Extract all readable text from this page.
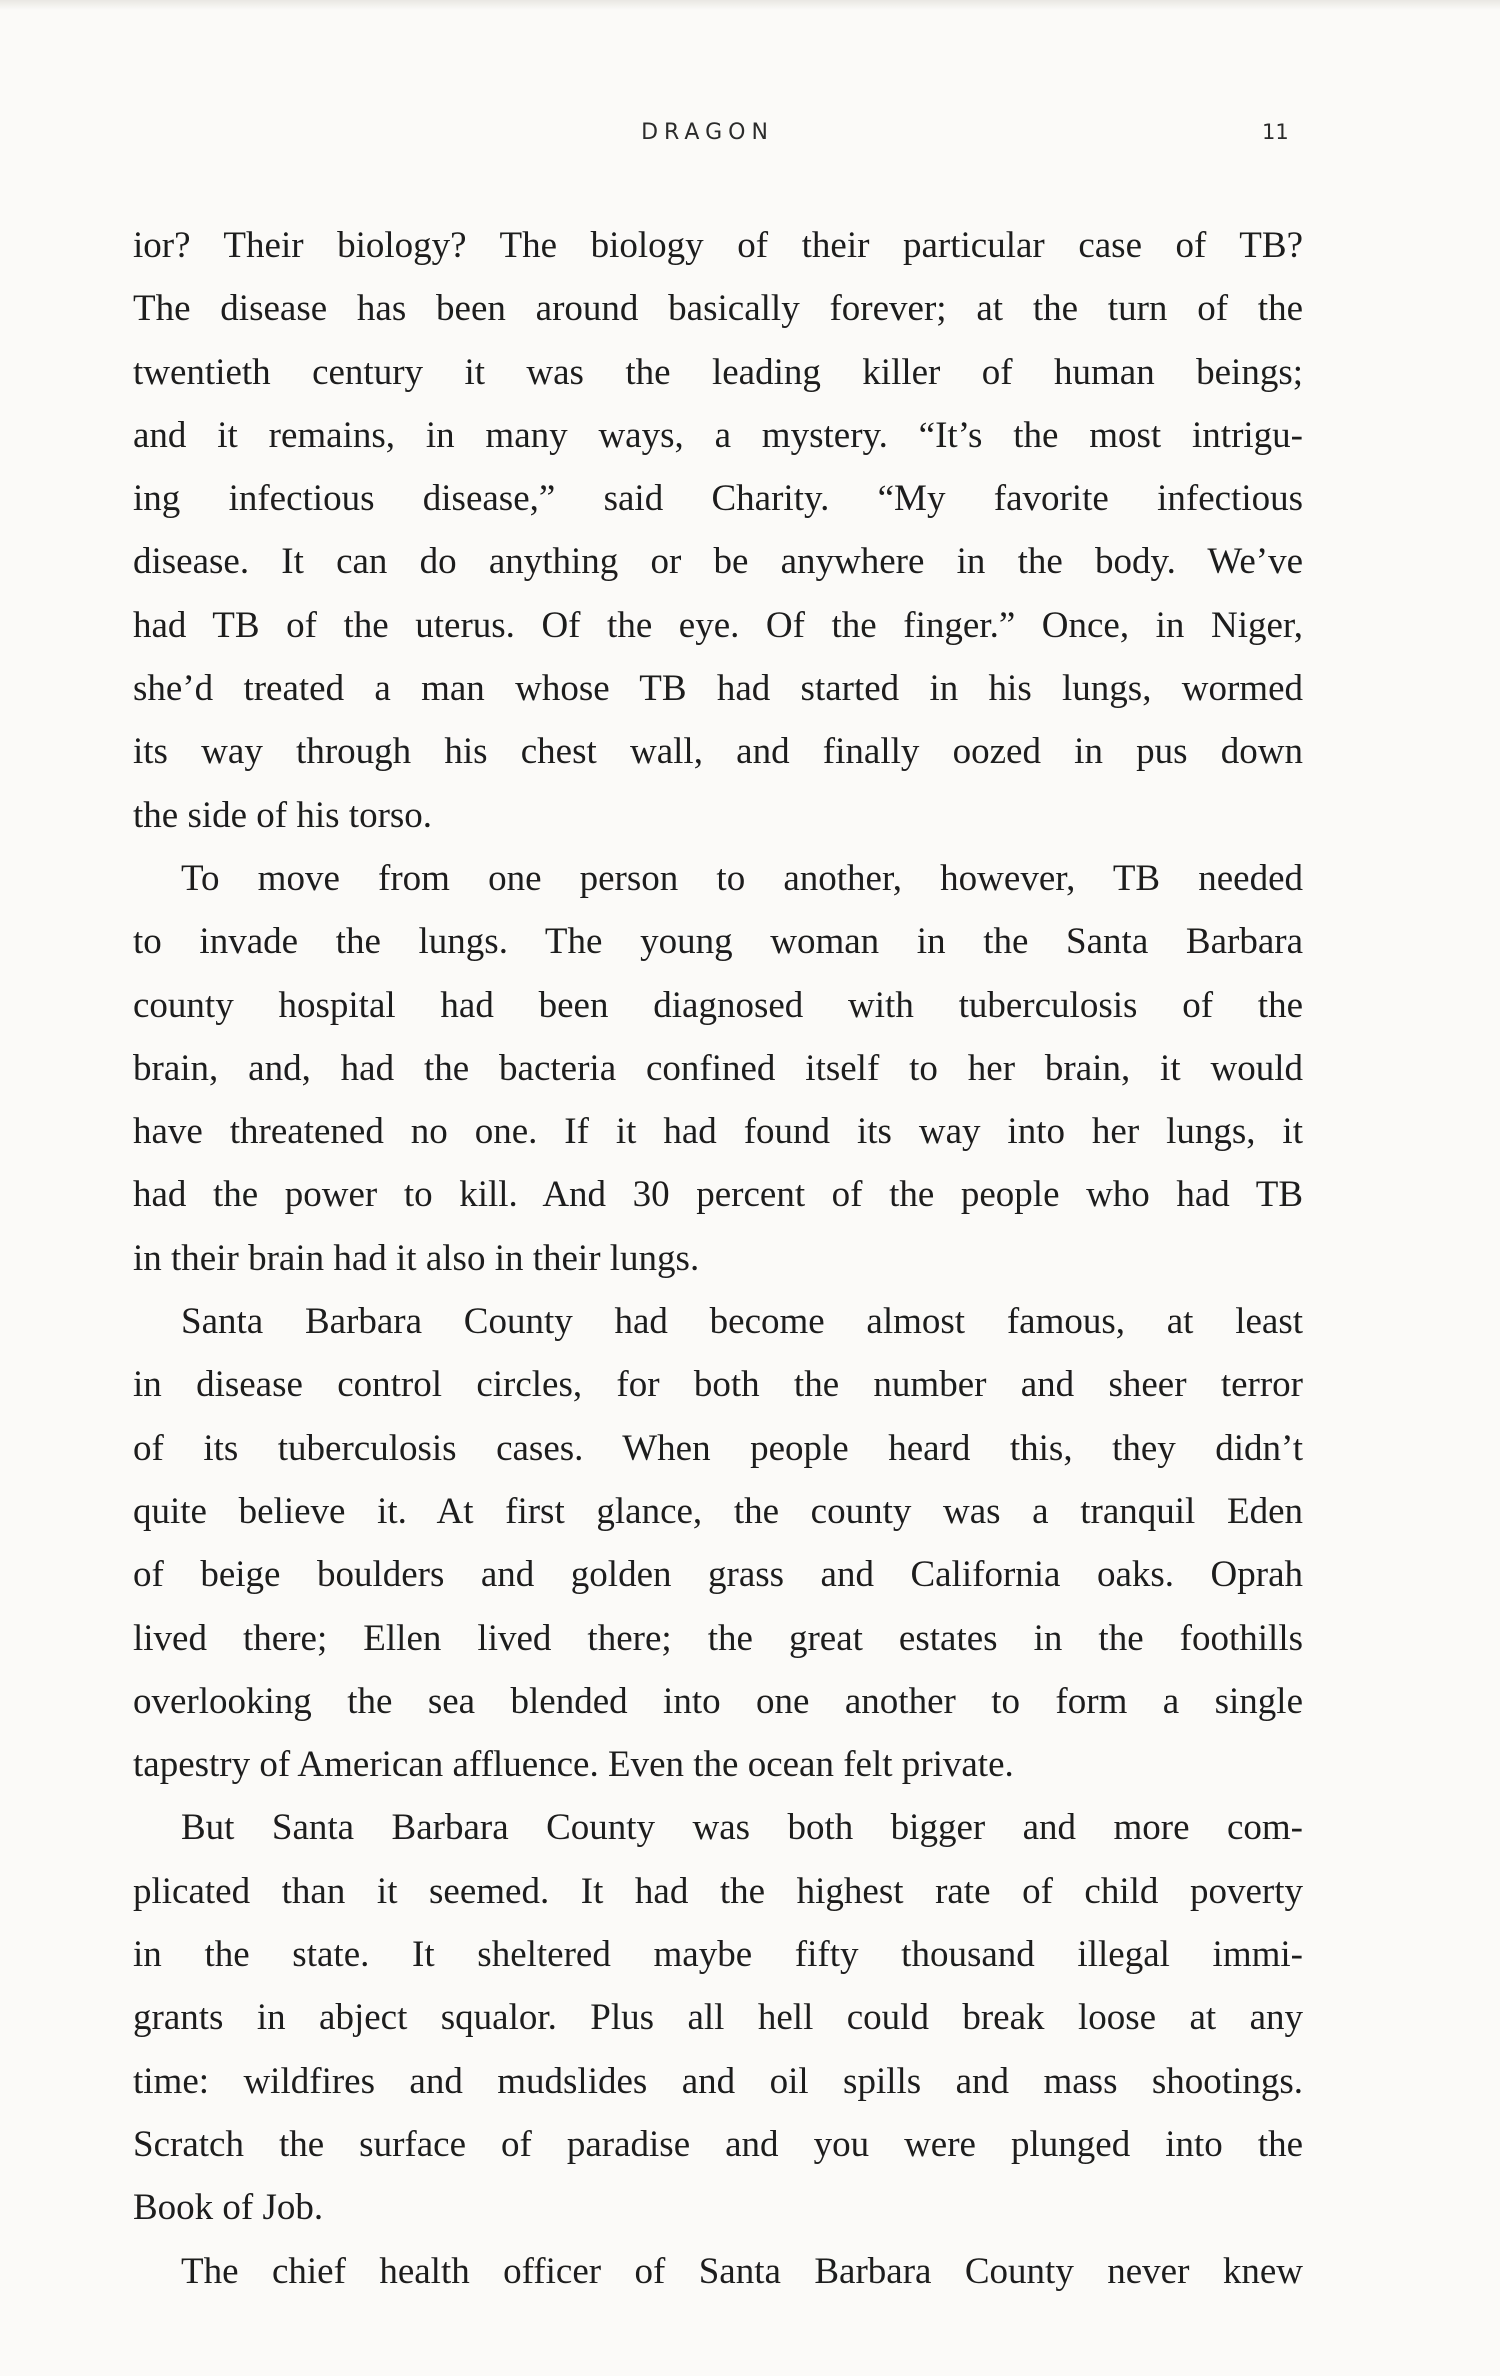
DRAGON	11
ior? Their biology? The biology of their particular case of TB?
The disease has been around basically forever; at the turn of the
twentieth century it was the leading killer of human beings;
and it remains, in many ways, a mystery. “It’s the most intrigu-
ing infectious disease,” said Charity. “My favorite infectious
disease. It can do anything or be anywhere in the body. We’ve
had TB of the uterus. Of the eye. Of the finger.” Once, in Niger,
she’d treated a man whose TB had started in his lungs, wormed
its way through his chest wall, and finally oozed in pus down
the side of his torso.
To move from one person to another, however, TB needed
to invade the lungs. The young woman in the Santa Barbara
county hospital had been diagnosed with tuberculosis of the
brain, and, had the bacteria confined itself to her brain, it would
have threatened no one. If it had found its way into her lungs, it
had the power to kill. And 30 percent of the people who had TB
in their brain had it also in their lungs.
Santa Barbara County had become almost famous, at least
in disease control circles, for both the number and sheer terror
of its tuberculosis cases. When people heard this, they didn’t
quite believe it. At first glance, the county was a tranquil Eden
of beige boulders and golden grass and California oaks. Oprah
lived there; Ellen lived there; the great estates in the foothills
overlooking the sea blended into one another to form a single
tapestry of American affluence. Even the ocean felt private.
But Santa Barbara County was both bigger and more com-
plicated than it seemed. It had the highest rate of child poverty
in the state. It sheltered maybe fifty thousand illegal immi-
grants in abject squalor. Plus all hell could break loose at any
time: wildfires and mudslides and oil spills and mass shootings.
Scratch the surface of paradise and you were plunged into the
Book of Job.
The chief health officer of Santa Barbara County never knew
